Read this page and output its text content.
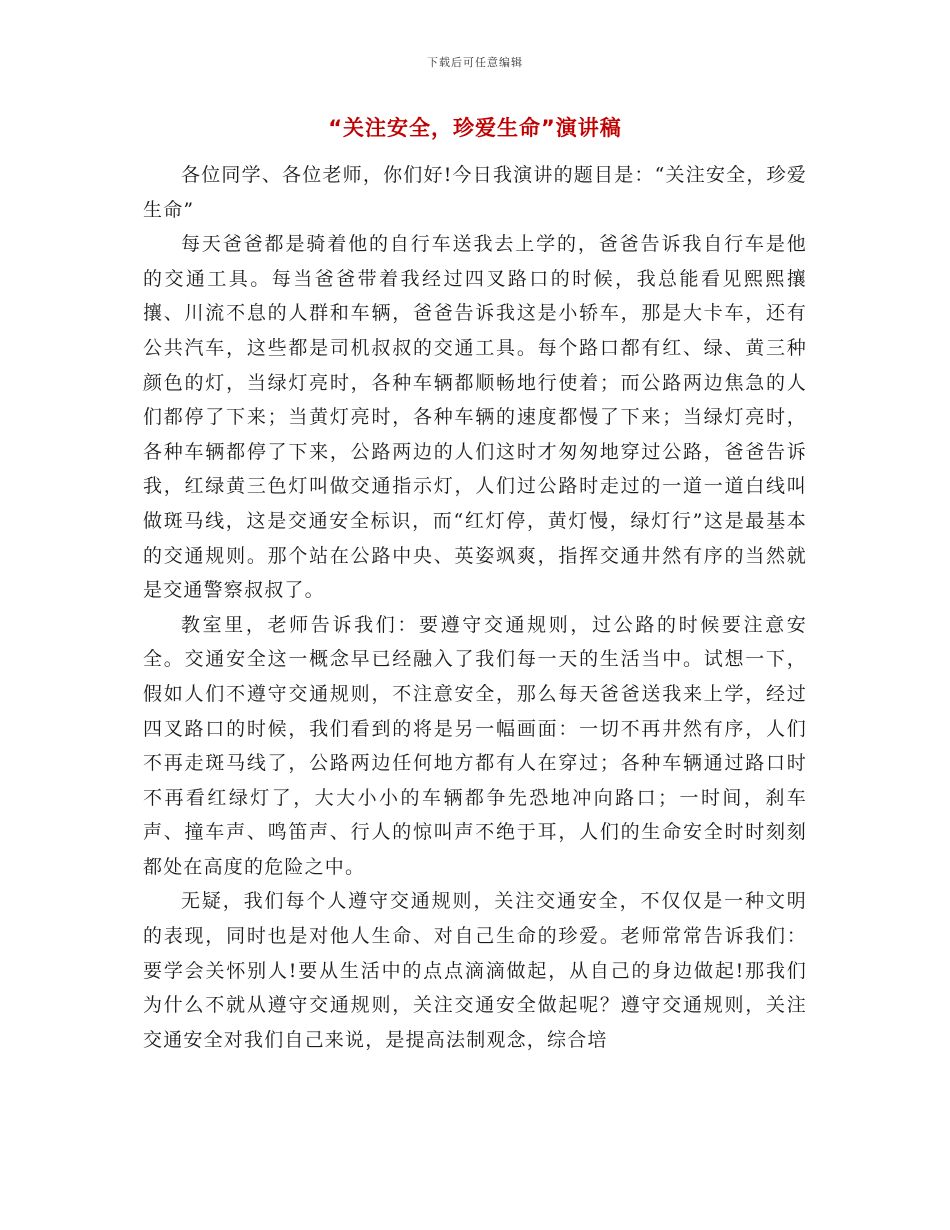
下载后可任意编辑
“关注安全，珍爱生命”演讲稿

各位同学、各位老师，你们好!今日我演讲的题目是：“关注安全，珍爱生命”

每天爸爸都是骑着他的自行车送我去上学的，爸爸告诉我自行车是他的交通工具。每当爸爸带着我经过四叉路口的时候，我总能看见熙熙攘攘、川流不息的人群和车辆，爸爸告诉我这是小轿车，那是大卡车，还有公共汽车，这些都是司机叔叔的交通工具。每个路口都有红、绿、黄三种颜色的灯，当绿灯亮时，各种车辆都顺畅地行使着；而公路两边焦急的人们都停了下来；当黄灯亮时，各种车辆的速度都慢了下来；当绿灯亮时，各种车辆都停了下来，公路两边的人们这时才匆匆地穿过公路，爸爸告诉我，红绿黄三色灯叫做交通指示灯，人们过公路时走过的一道一道白线叫做斑马线，这是交通安全标识，而“红灯停，黄灯慢，绿灯行”这是最基本的交通规则。那个站在公路中央、英姿飒爽，指挥交通井然有序的当然就是交通警察叔叔了。

教室里，老师告诉我们：要遵守交通规则，过公路的时候要注意安全。交通安全这一概念早已经融入了我们每一天的生活当中。试想一下，假如人们不遵守交通规则，不注意安全，那么每天爸爸送我来上学，经过四叉路口的时候，我们看到的将是另一幅画面：一切不再井然有序，人们不再走斑马线了，公路两边任何地方都有人在穿过；各种车辆通过路口时不再看红绿灯了，大大小小的车辆都争先恐地冲向路口；一时间，刹车声、撞车声、鸣笛声、行人的惊叫声不绝于耳，人们的生命安全时时刻刻都处在高度的危险之中。

无疑，我们每个人遵守交通规则，关注交通安全，不仅仅是一种文明的表现，同时也是对他人生命、对自己生命的珍爱。老师常常告诉我们：要学会关怀别人!要从生活中的点点滴滴做起，从自己的身边做起!那我们为什么不就从遵守交通规则，关注交通安全做起呢？遵守交通规则，关注交通安全对我们自己来说，是提高法制观念，综合培
